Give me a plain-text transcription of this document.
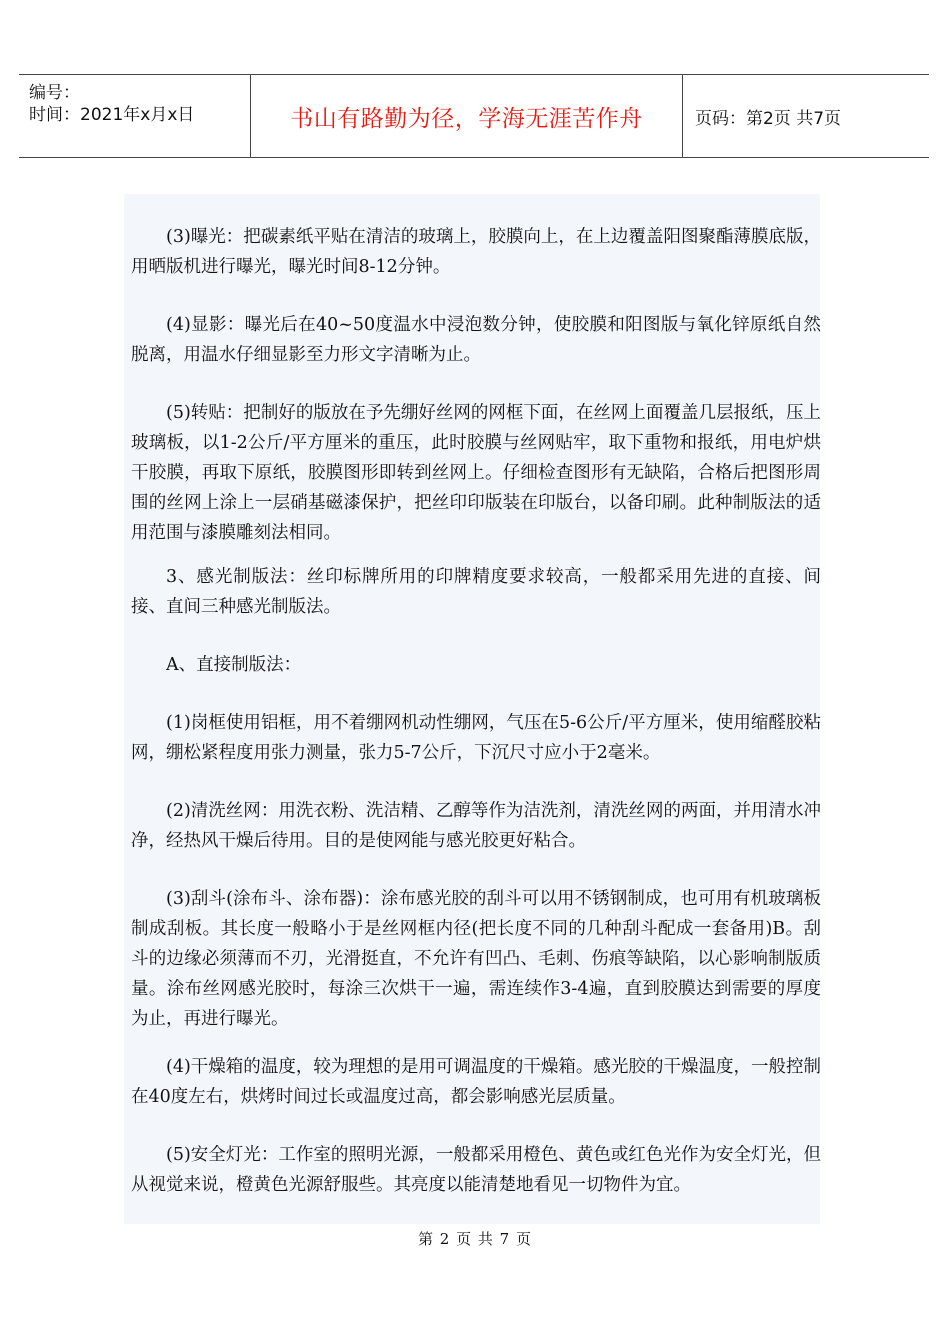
编号：
时间：2021年x月x日	书山有路勤为径，学海无涯苦作舟	页码：第2页 共7页

(3)曝光：把碳素纸平贴在清洁的玻璃上，胶膜向上，在上边覆盖阳图聚酯薄膜底版，用晒版机进行曝光，曝光时间8-12分钟。

(4)显影：曝光后在40~50度温水中浸泡数分钟，使胶膜和阳图版与氧化锌原纸自然脱离，用温水仔细显影至力形文字清晰为止。

(5)转贴：把制好的版放在予先绷好丝网的网框下面，在丝网上面覆盖几层报纸，压上玻璃板，以1-2公斤/平方厘米的重压，此时胶膜与丝网贴牢，取下重物和报纸，用电炉烘干胶膜，再取下原纸，胶膜图形即转到丝网上。仔细检查图形有无缺陷，合格后把图形周围的丝网上涂上一层硝基磁漆保护，把丝印印版装在印版台，以备印刷。此种制版法的适用范围与漆膜雕刻法相同。

3、感光制版法：丝印标牌所用的印牌精度要求较高，一般都采用先进的直接、间接、直间三种感光制版法。

A、直接制版法：

(1)岗框使用铝框，用不着绷网机动性绷网，气压在5-6公斤/平方厘米，使用缩醛胶粘网，绷松紧程度用张力测量，张力5-7公斤，下沉尺寸应小于2毫米。

(2)清洗丝网：用洗衣粉、洗洁精、乙醇等作为洁洗剂，清洗丝网的两面，并用清水冲净，经热风干燥后待用。目的是使网能与感光胶更好粘合。

(3)刮斗(涂布斗、涂布器)：涂布感光胶的刮斗可以用不锈钢制成，也可用有机玻璃板制成刮板。其长度一般略小于是丝网框内径(把长度不同的几种刮斗配成一套备用)B。刮斗的边缘必须薄而不刃，光滑挺直，不允许有凹凸、毛刺、伤痕等缺陷，以心影响制版质量。涂布丝网感光胶时，每涂三次烘干一遍，需连续作3-4遍，直到胶膜达到需要的厚度为止，再进行曝光。

(4)干燥箱的温度，较为理想的是用可调温度的干燥箱。感光胶的干燥温度，一般控制在40度左右，烘烤时间过长或温度过高，都会影响感光层质量。

(5)安全灯光：工作室的照明光源，一般都采用橙色、黄色或红色光作为安全灯光，但从视觉来说，橙黄色光源舒服些。其亮度以能清楚地看见一切物件为宜。

第 2 页 共 7 页
